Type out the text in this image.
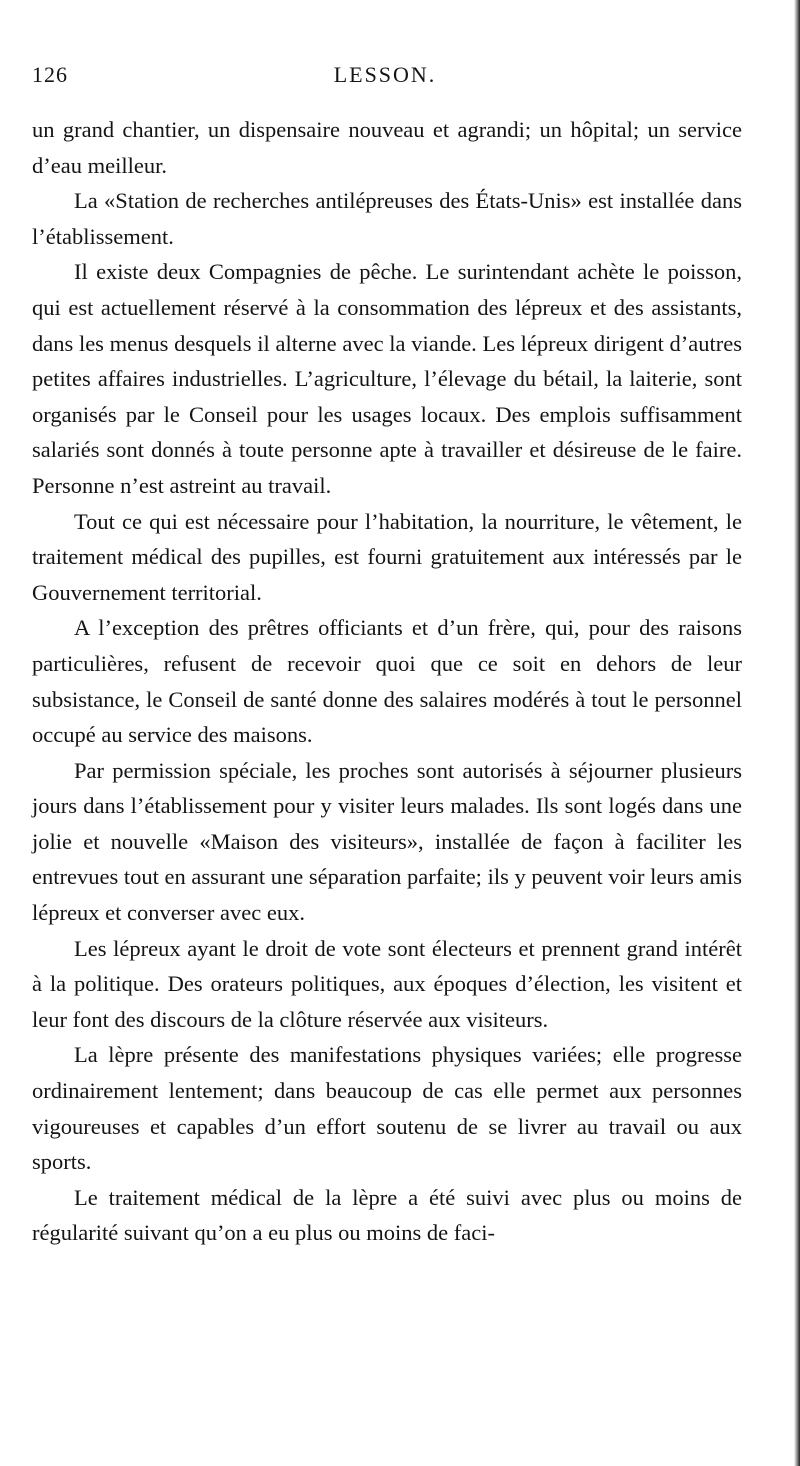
126	LESSON.

un grand chantier, un dispensaire nouveau et agrandi; un hôpital; un service d’eau meilleur.

La «Station de recherches antilépreuses des États-Unis» est installée dans l’établissement.

Il existe deux Compagnies de pêche. Le surintendant achète le poisson, qui est actuellement réservé à la consommation des lépreux et des assistants, dans les menus desquels il alterne avec la viande. Les lépreux dirigent d’autres petites affaires industrielles. L’agriculture, l’élevage du bétail, la laiterie, sont organisés par le Conseil pour les usages locaux. Des emplois suffisamment salariés sont donnés à toute personne apte à travailler et désireuse de le faire. Personne n’est astreint au travail.

Tout ce qui est nécessaire pour l’habitation, la nourriture, le vêtement, le traitement médical des pupilles, est fourni gratuitement aux intéressés par le Gouvernement territorial.

A l’exception des prêtres officiants et d’un frère, qui, pour des raisons particulières, refusent de recevoir quoi que ce soit en dehors de leur subsistance, le Conseil de santé donne des salaires modérés à tout le personnel occupé au service des maisons.

Par permission spéciale, les proches sont autorisés à séjourner plusieurs jours dans l’établissement pour y visiter leurs malades. Ils sont logés dans une jolie et nouvelle «Maison des visiteurs», installée de façon à faciliter les entrevues tout en assurant une séparation parfaite; ils y peuvent voir leurs amis lépreux et converser avec eux.

Les lépreux ayant le droit de vote sont électeurs et prennent grand intérêt à la politique. Des orateurs politiques, aux époques d’élection, les visitent et leur font des discours de la clôture réservée aux visiteurs.

La lèpre présente des manifestations physiques variées; elle progresse ordinairement lentement; dans beaucoup de cas elle permet aux personnes vigoureuses et capables d’un effort soutenu de se livrer au travail ou aux sports.

Le traitement médical de la lèpre a été suivi avec plus ou moins de régularité suivant qu’on a eu plus ou moins de faci-
